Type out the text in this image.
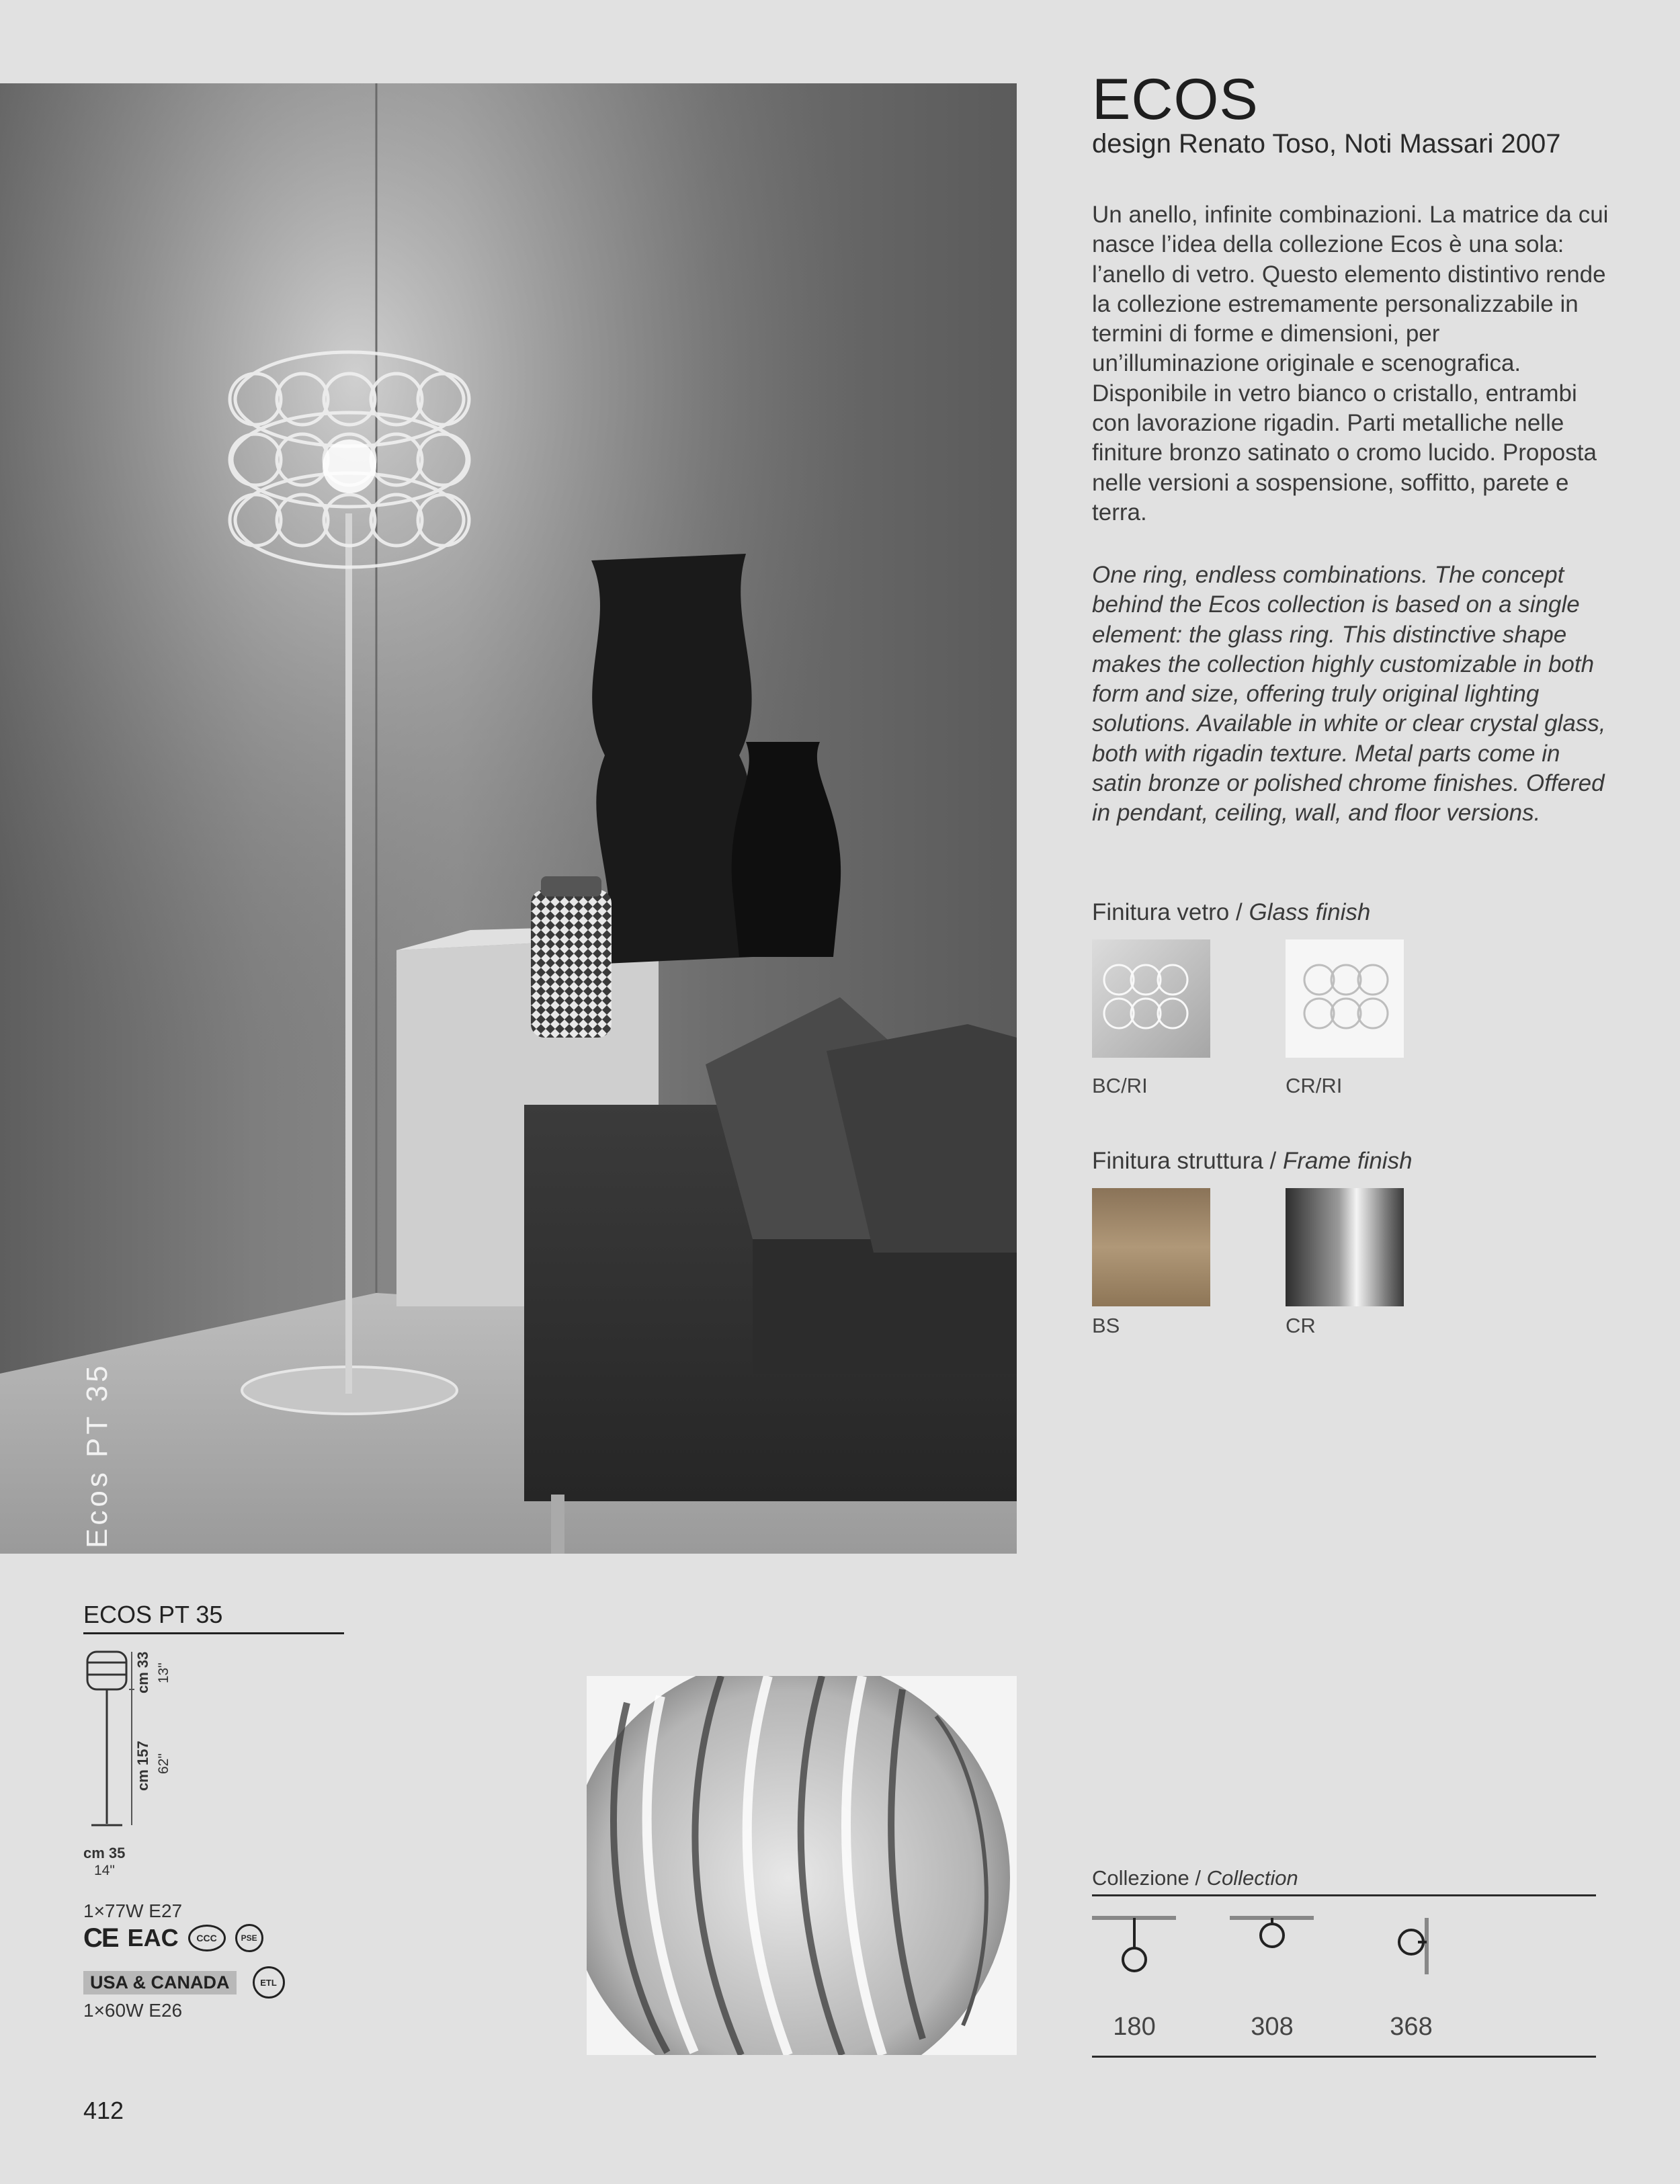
Ecos PT 35
ECOS
design Renato Toso, Noti Massari 2007
Un anello, infinite combinazioni. La matrice da cui nasce l’idea della collezione Ecos è una sola: l’anello di vetro. Questo elemento distintivo rende la collezione estremamente personalizzabile in termini di forme e dimensioni, per un’illuminazione originale e scenografica. Disponibile in vetro bianco o cristallo, entrambi con lavorazione rigadin. Parti metalliche nelle finiture bronzo satinato o cromo lucido. Proposta nelle versioni a sospensione, soffitto, parete e terra.
One ring, endless combinations. The concept behind the Ecos collection is based on a single element: the glass ring. This distinctive shape makes the collection highly customizable in both form and size, offering truly original lighting solutions. Available in white or clear crystal glass, both with rigadin texture. Metal parts come in satin bronze or polished chrome finishes. Offered in pendant, ceiling, wall, and floor versions.
Finitura vetro / Glass finish
BC/RI	CR/RI
Finitura struttura / Frame finish
BS	CR
ECOS PT 35
cm 33 13"
cm 157 62"
cm 35
14"
1×77W E27
CE EAC	CCC	PSE
USA & CANADA	ETL
1×60W E26
Collezione / Collection
180	308	368
412
